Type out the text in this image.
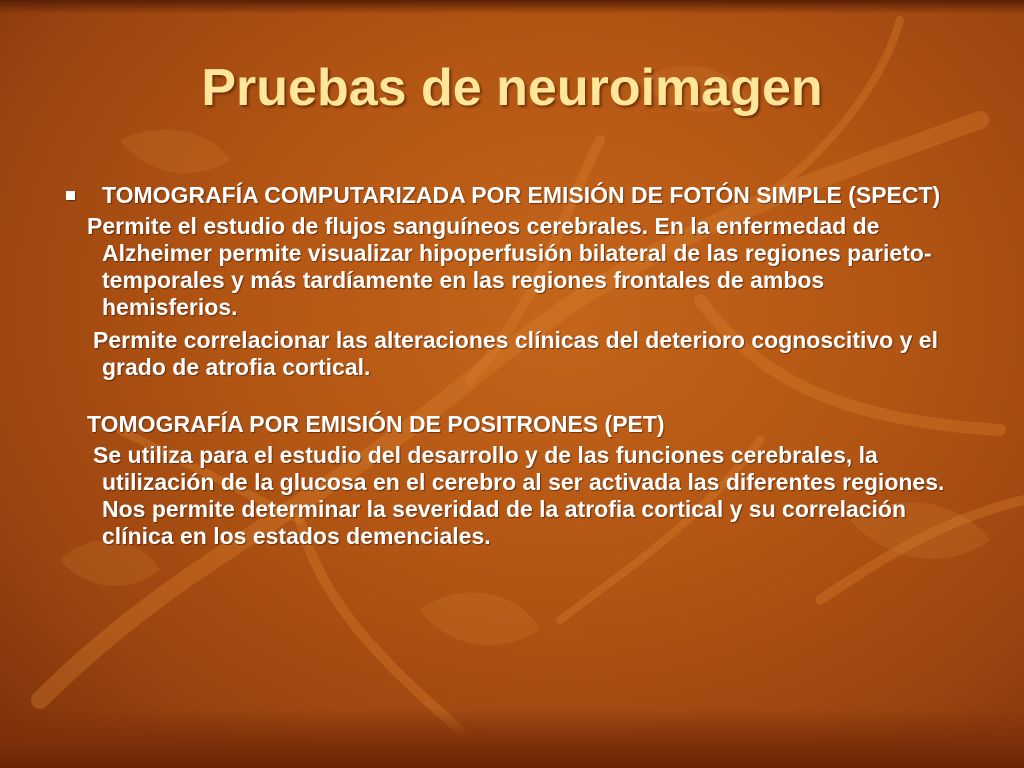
Pruebas de neuroimagen
TOMOGRAFÍA COMPUTARIZADA POR EMISIÓN DE FOTÓN SIMPLE (SPECT)

Permite el estudio de flujos sanguíneos cerebrales. En la enfermedad de Alzheimer permite visualizar hipoperfusión bilateral de las regiones parieto-temporales y más tardíamente en las regiones frontales de ambos hemisferios.

Permite correlacionar las alteraciones clínicas del deterioro cognoscitivo y el grado de atrofia cortical.

TOMOGRAFÍA POR EMISIÓN DE POSITRONES (PET)

Se utiliza para el estudio del desarrollo y de las funciones cerebrales, la utilización de la glucosa en el cerebro al ser activada las diferentes regiones. Nos permite determinar la severidad de la atrofia cortical y su correlación clínica en los estados demenciales.
